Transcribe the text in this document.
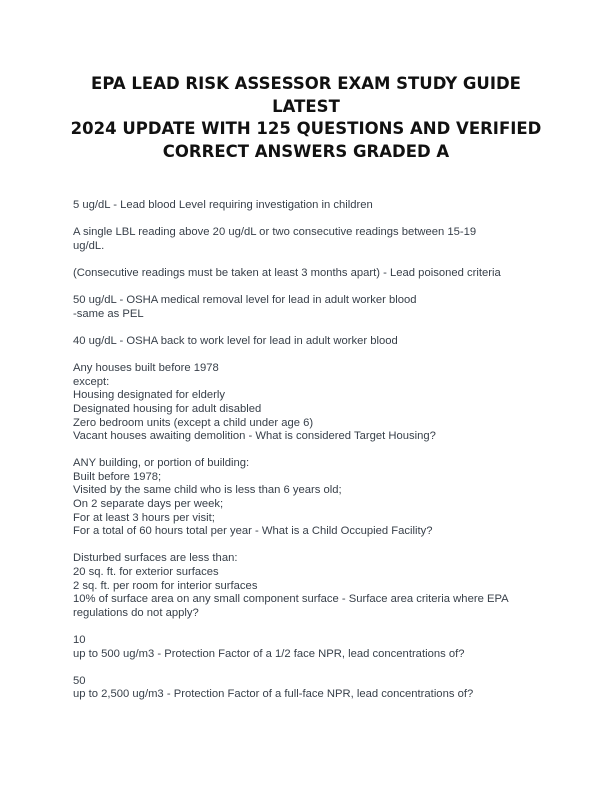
EPA LEAD RISK ASSESSOR EXAM STUDY GUIDE LATEST
2024 UPDATE WITH 125 QUESTIONS AND VERIFIED
CORRECT ANSWERS GRADED A

5 ug/dL - Lead blood Level requiring investigation in children

A single LBL reading above 20 ug/dL or two consecutive readings between 15-19
ug/dL.

(Consecutive readings must be taken at least 3 months apart) - Lead poisoned criteria

50 ug/dL - OSHA medical removal level for lead in adult worker blood
-same as PEL

40 ug/dL - OSHA back to work level for lead in adult worker blood

Any houses built before 1978
except:
Housing designated for elderly
Designated housing for adult disabled
Zero bedroom units (except a child under age 6)
Vacant houses awaiting demolition - What is considered Target Housing?

ANY building, or portion of building:
Built before 1978;
Visited by the same child who is less than 6 years old;
On 2 separate days per week;
For at least 3 hours per visit;
For a total of 60 hours total per year - What is a Child Occupied Facility?

Disturbed surfaces are less than:
20 sq. ft. for exterior surfaces
2 sq. ft. per room for interior surfaces
10% of surface area on any small component surface - Surface area criteria where EPA
regulations do not apply?

10
up to 500 ug/m3 - Protection Factor of a 1/2 face NPR, lead concentrations of?

50
up to 2,500 ug/m3 - Protection Factor of a full-face NPR, lead concentrations of?
